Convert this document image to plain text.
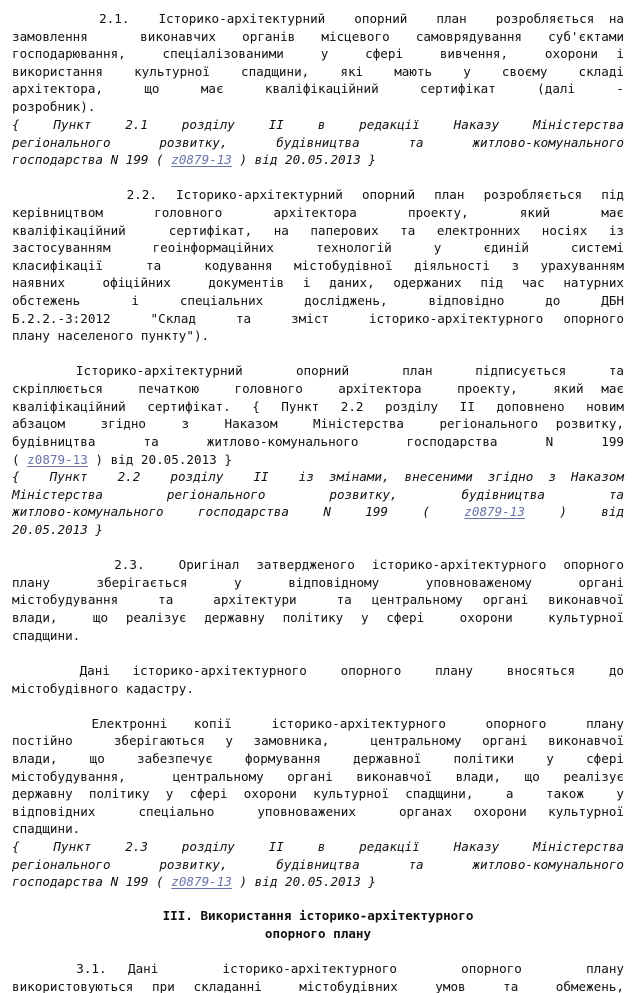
2.1.  Історико-архітектурний  опорний  план  розробляється на
замовлення  виконавчих органів місцевого самоврядування суб'єктами
господарювання,  спеціалізованими  у  сфері  вивчення,  охорони і
використання  культурної  спадщини,  які  мають  у  своєму  складі
архітектора,    що    має    кваліфікаційний    сертифікат    (далі    -
розробник).
{  Пункт  2.1  розділу  II  в  редакції  Наказу  Міністерства
регіонального  розвитку,  будівництва  та  житлово-комунального
господарства N 199 ( z0879-13 ) від 20.05.2013 }
2.2. Історико-архітектурний опорний план розробляється під
керівництвом    головного    архітектора    проекту,    який    має
кваліфікаційний  сертифікат, на паперових та електронних носіях із
застосуванням  геоінформаційних  технологій  у  єдиній  системі
класифікації  та  кодування містобудівної діяльності з урахуванням
наявних  офіційних  документів і даних, одержаних під час натурних
обстежень     і    спеціальних    досліджень,    відповідно    до    ДБН
Б.2.2.-3:2012  "Склад  та  зміст  історико-архітектурного опорного
плану населеного пункту").
Історико-архітектурний     опорний     план    підписується    та
скріплюється  печаткою  головного  архітектора  проекту,  який має
кваліфікаційний сертифікат. { Пункт 2.2 розділу II доповнено новим
абзацом  згідно  з  Наказом  Міністерства  регіонального розвитку,
будівництва     та     житлово-комунального     господарства     N     199
( z0879-13 ) від 20.05.2013 }
{  Пункт  2.2  розділу  II  із змінами, внесеними згідно з Наказом
Міністерства     регіонального     розвитку,     будівництва     та
житлово-комунального  господарства  N  199  (  z0879-13  )  від
20.05.2013 }
2.3.  Оригінал затвердженого історико-архітектурного опорного
плану    зберігається    у    відповідному    уповноваженому    органі
містобудування  та  архітектури  та центральному органі виконавчої
влади,  що реалізує державну політику у сфері  охорони  культурної
спадщини.
Дані  історико-архітектурного   опорного   плану   вносяться   до
містобудівного кадастру.
Електронні  копії   історико-архітектурного   опорного   плану
постійно  зберігаються у замовника,  центральному органі виконавчої
влади,  що  забезпечує  формування  державної  політики  у  сфері
містобудування,  центральному органі виконавчої влади, що реалізує
державну політику у сфері охорони культурної спадщини,  а  також  у
відповідних  спеціально  уповноважених  органах охорони культурної
спадщини.
{  Пункт  2.3  розділу  II  в  редакції  Наказу  Міністерства
регіонального  розвитку,  будівництва  та  житлово-комунального
господарства N 199 ( z0879-13 ) від 20.05.2013 }
III. Використання історико-архітектурного
опорного плану
3.1.  Дані      історико-архітектурного      опорного      плану
використовуються при складанні  містобудівних  умов  та  обмежень,
